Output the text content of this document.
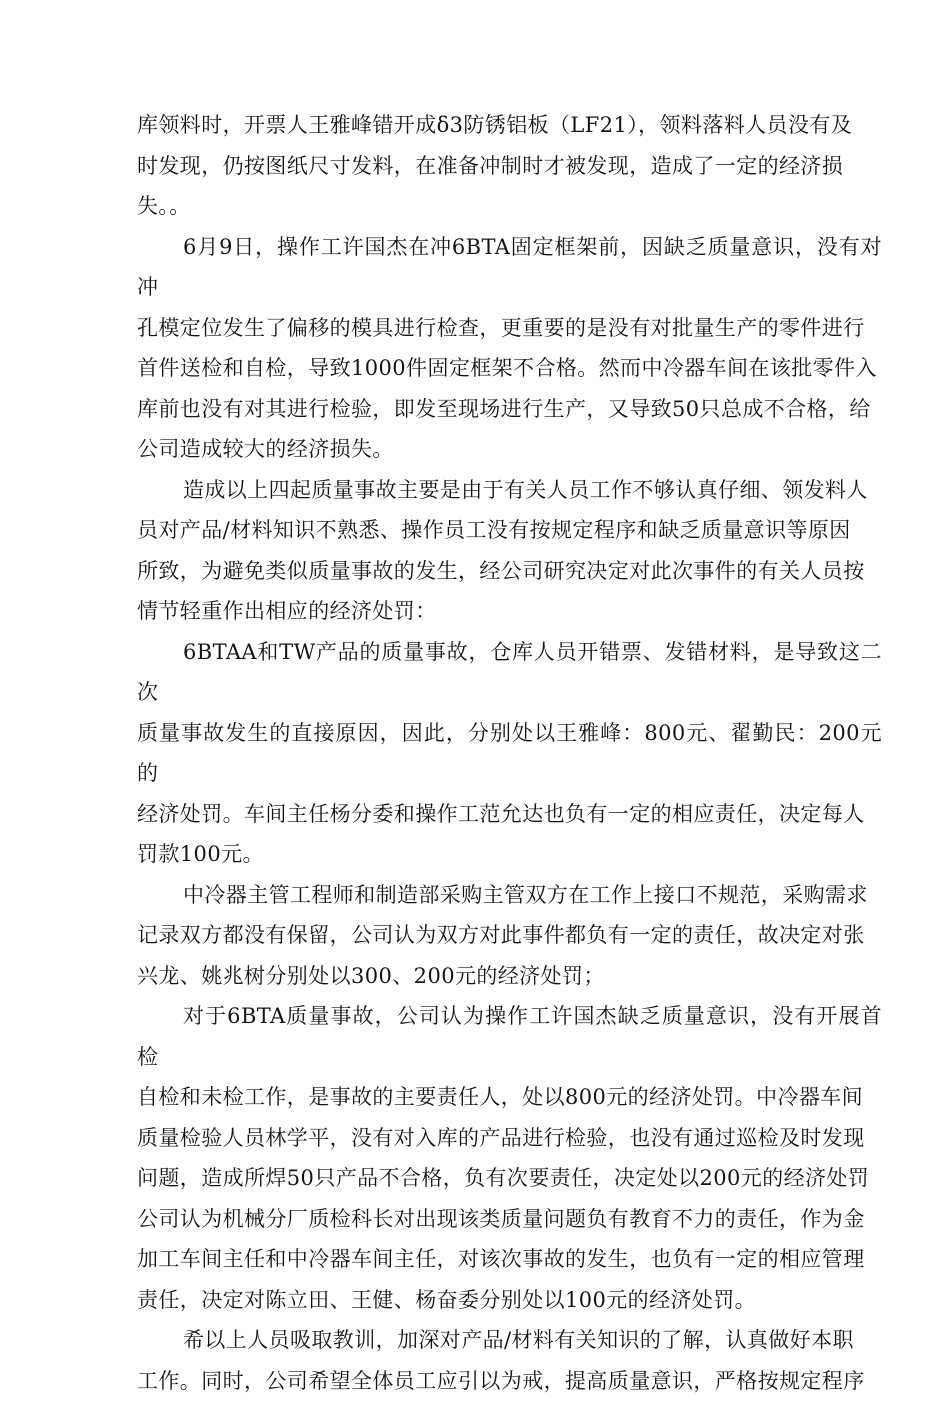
库领料时，开票人王雅峰错开成δ3防锈铝板（LF21），领料落料人员没有及
时发现，仍按图纸尺寸发料，在准备冲制时才被发现，造成了一定的经济损
失。。

6月9日，操作工许国杰在冲6BTA固定框架前，因缺乏质量意识，没有对冲
孔模定位发生了偏移的模具进行检查，更重要的是没有对批量生产的零件进行
首件送检和自检，导致1000件固定框架不合格。然而中冷器车间在该批零件入
库前也没有对其进行检验，即发至现场进行生产，又导致50只总成不合格，给
公司造成较大的经济损失。

造成以上四起质量事故主要是由于有关人员工作不够认真仔细、领发料人
员对产品/材料知识不熟悉、操作员工没有按规定程序和缺乏质量意识等原因
所致，为避免类似质量事故的发生，经公司研究决定对此次事件的有关人员按
情节轻重作出相应的经济处罚：

6BTAA和TW产品的质量事故，仓库人员开错票、发错材料，是导致这二次
质量事故发生的直接原因，因此，分别处以王雅峰：800元、翟勤民：200元的
经济处罚。车间主任杨分委和操作工范允达也负有一定的相应责任，决定每人
罚款100元。

中冷器主管工程师和制造部采购主管双方在工作上接口不规范，采购需求
记录双方都没有保留，公司认为双方对此事件都负有一定的责任，故决定对张
兴龙、姚兆树分别处以300、200元的经济处罚；

对于6BTA质量事故，公司认为操作工许国杰缺乏质量意识，没有开展首检
自检和未检工作，是事故的主要责任人，处以800元的经济处罚。中冷器车间
质量检验人员林学平，没有对入库的产品进行检验，也没有通过巡检及时发现
问题，造成所焊50只产品不合格，负有次要责任，决定处以200元的经济处罚
公司认为机械分厂质检科长对出现该类质量问题负有教育不力的责任，作为金
加工车间主任和中冷器车间主任，对该次事故的发生，也负有一定的相应管理
责任，决定对陈立田、王健、杨奋委分别处以100元的经济处罚。

希以上人员吸取教训，加深对产品/材料有关知识的了解，认真做好本职
工作。同时，公司希望全体员工应引以为戒，提高质量意识，严格按规定程序
